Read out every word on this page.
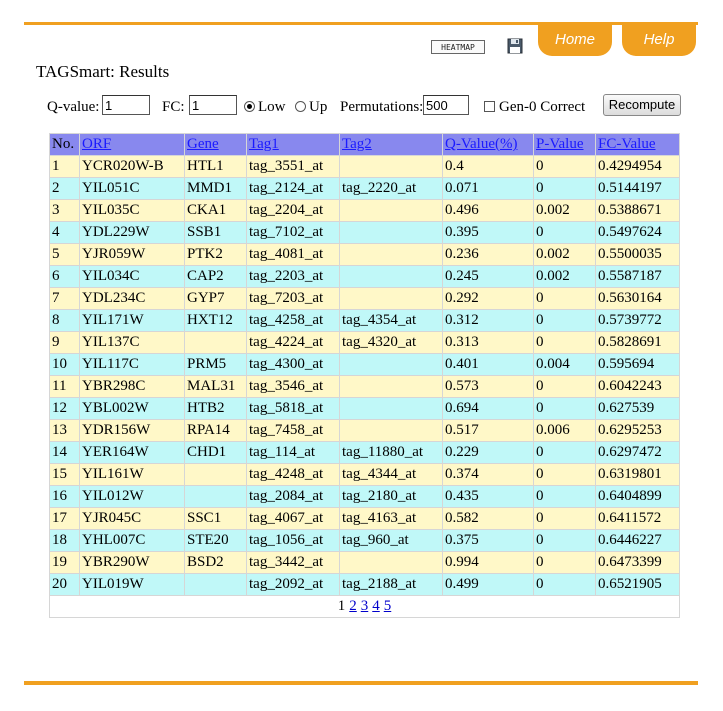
Home	Help
HEATMAP
TAGSmart: Results
Q-value:
1	FC:
1	Low Up Permutations:
500	Gen-0 Correct	Recompute
No.	ORF	Gene	Tag1	Tag2	Q-Value(%)	P-Value	FC-Value
1	YCR020W-B	HTL1	tag_3551_at		0.4	0	0.4294954
2	YIL051C	MMD1	tag_2124_at	tag_2220_at	0.071	0	0.5144197
3	YIL035C	CKA1	tag_2204_at		0.496	0.002	0.5388671
4	YDL229W	SSB1	tag_7102_at		0.395	0	0.5497624
5	YJR059W	PTK2	tag_4081_at		0.236	0.002	0.5500035
6	YIL034C	CAP2	tag_2203_at		0.245	0.002	0.5587187
7	YDL234C	GYP7	tag_7203_at		0.292	0	0.5630164
8	YIL171W	HXT12	tag_4258_at	tag_4354_at	0.312	0	0.5739772
9	YIL137C		tag_4224_at	tag_4320_at	0.313	0	0.5828691
10	YIL117C	PRM5	tag_4300_at		0.401	0.004	0.595694
11	YBR298C	MAL31	tag_3546_at		0.573	0	0.6042243
12	YBL002W	HTB2	tag_5818_at		0.694	0	0.627539
13	YDR156W	RPA14	tag_7458_at		0.517	0.006	0.6295253
14	YER164W	CHD1	tag_114_at	tag_11880_at	0.229	0	0.6297472
15	YIL161W		tag_4248_at	tag_4344_at	0.374	0	0.6319801
16	YIL012W		tag_2084_at	tag_2180_at	0.435	0	0.6404899
17	YJR045C	SSC1	tag_4067_at	tag_4163_at	0.582	0	0.6411572
18	YHL007C	STE20	tag_1056_at	tag_960_at	0.375	0	0.6446227
19	YBR290W	BSD2	tag_3442_at		0.994	0	0.6473399
20	YIL019W		tag_2092_at	tag_2188_at	0.499	0	0.6521905
1 2 3 4 5							
